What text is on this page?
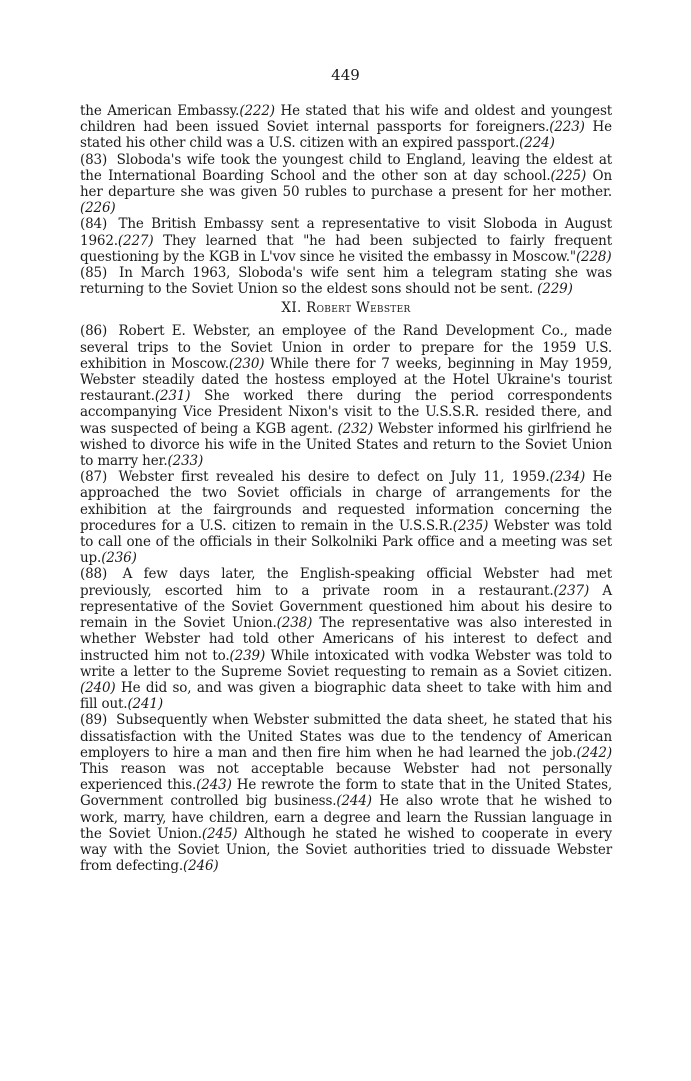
449

the American Embassy.(222) He stated that his wife and oldest and youngest children had been issued Soviet internal passports for foreigners.(223) He stated his other child was a U.S. citizen with an expired passport.(224)

(83) Sloboda's wife took the youngest child to England, leaving the eldest at the International Boarding School and the other son at day school.(225) On her departure she was given 50 rubles to purchase a present for her mother.(226)

(84) The British Embassy sent a representative to visit Sloboda in August 1962.(227) They learned that "he had been subjected to fairly frequent questioning by the KGB in L'vov since he visited the embassy in Moscow."(228)

(85) In March 1963, Sloboda's wife sent him a telegram stating she was returning to the Soviet Union so the eldest sons should not be sent. (229)

XI. Robert Webster

(86) Robert E. Webster, an employee of the Rand Development Co., made several trips to the Soviet Union in order to prepare for the 1959 U.S. exhibition in Moscow.(230) While there for 7 weeks, beginning in May 1959, Webster steadily dated the hostess employed at the Hotel Ukraine's tourist restaurant.(231) She worked there during the period correspondents accompanying Vice President Nixon's visit to the U.S.S.R. resided there, and was suspected of being a KGB agent. (232) Webster informed his girlfriend he wished to divorce his wife in the United States and return to the Soviet Union to marry her.(233)

(87) Webster first revealed his desire to defect on July 11, 1959.(234) He approached the two Soviet officials in charge of arrangements for the exhibition at the fairgrounds and requested information concerning the procedures for a U.S. citizen to remain in the U.S.S.R.(235) Webster was told to call one of the officials in their Solkolniki Park office and a meeting was set up.(236)

(88) A few days later, the English-speaking official Webster had met previously, escorted him to a private room in a restaurant.(237) A representative of the Soviet Government questioned him about his desire to remain in the Soviet Union.(238) The representative was also interested in whether Webster had told other Americans of his interest to defect and instructed him not to.(239) While intoxicated with vodka Webster was told to write a letter to the Supreme Soviet requesting to remain as a Soviet citizen.(240) He did so, and was given a biographic data sheet to take with him and fill out.(241)

(89) Subsequently when Webster submitted the data sheet, he stated that his dissatisfaction with the United States was due to the tendency of American employers to hire a man and then fire him when he had learned the job.(242) This reason was not acceptable because Webster had not personally experienced this.(243) He rewrote the form to state that in the United States, Government controlled big business.(244) He also wrote that he wished to work, marry, have children, earn a degree and learn the Russian language in the Soviet Union.(245) Although he stated he wished to cooperate in every way with the Soviet Union, the Soviet authorities tried to dissuade Webster from defecting.(246)
